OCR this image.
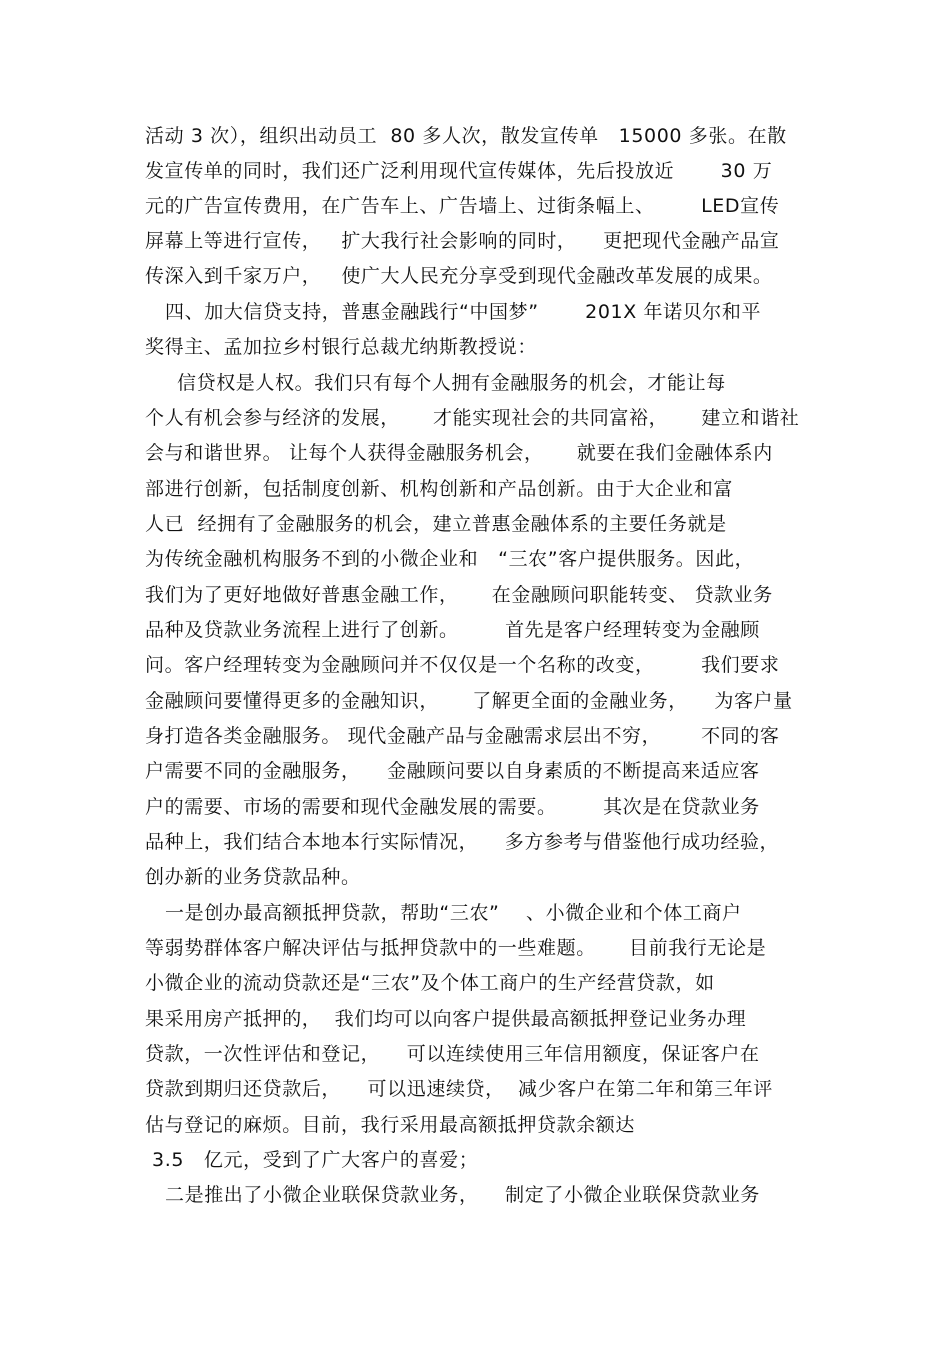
活动 3 次），组织出动员工  80 多人次，散发宣传单   15000 多张。在散
发宣传单的同时，我们还广泛利用现代宣传媒体，先后投放近       30 万
元的广告宣传费用，在广告车上、广告墙上、过街条幅上、       LED宣传
屏幕上等进行宣传，   扩大我行社会影响的同时，    更把现代金融产品宣
传深入到千家万户，   使广大人民充分享受到现代金融改革发展的成果。
四、加大信贷支持，普惠金融践行“中国梦”       201X 年诺贝尔和平
奖得主、孟加拉乡村银行总裁尤纳斯教授说：
信贷权是人权。我们只有每个人拥有金融服务的机会，才能让每
个人有机会参与经济的发展，     才能实现社会的共同富裕，     建立和谐社
会与和谐世界。 让每个人获得金融服务机会，     就要在我们金融体系内
部进行创新，包括制度创新、机构创新和产品创新。由于大企业和富
人已  经拥有了金融服务的机会，建立普惠金融体系的主要任务就是
为传统金融机构服务不到的小微企业和   “三农”客户提供服务。因此，
我们为了更好地做好普惠金融工作，     在金融顾问职能转变、 贷款业务
品种及贷款业务流程上进行了创新。       首先是客户经理转变为金融顾
问。客户经理转变为金融顾问并不仅仅是一个名称的改变，       我们要求
金融顾问要懂得更多的金融知识，     了解更全面的金融业务，    为客户量
身打造各类金融服务。 现代金融产品与金融需求层出不穷，      不同的客
户需要不同的金融服务，    金融顾问要以自身素质的不断提高来适应客
户的需要、市场的需要和现代金融发展的需要。       其次是在贷款业务
品种上，我们结合本地本行实际情况，    多方参考与借鉴他行成功经验，
创办新的业务贷款品种。
一是创办最高额抵押贷款，帮助“三农”    、小微企业和个体工商户
等弱势群体客户解决评估与抵押贷款中的一些难题。     目前我行无论是
小微企业的流动贷款还是“三农”及个体工商户的生产经营贷款，如
果采用房产抵押的，  我们均可以向客户提供最高额抵押登记业务办理
贷款，一次性评估和登记，    可以连续使用三年信用额度，保证客户在
贷款到期归还贷款后，    可以迅速续贷，  减少客户在第二年和第三年评
估与登记的麻烦。目前，我行采用最高额抵押贷款余额达
3.5   亿元，受到了广大客户的喜爱；
二是推出了小微企业联保贷款业务，    制定了小微企业联保贷款业务
